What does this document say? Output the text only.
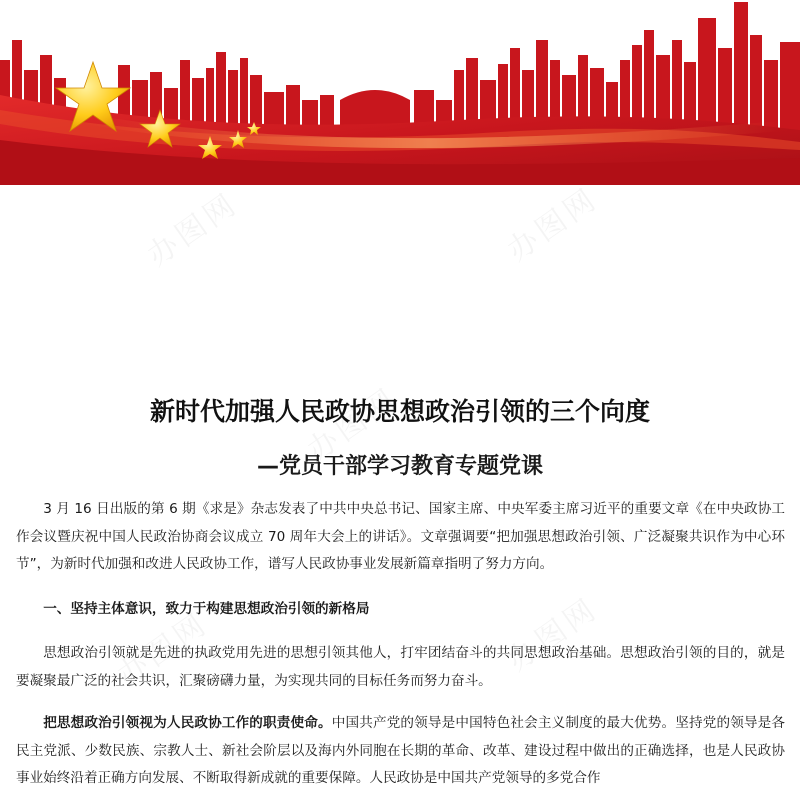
新时代加强人民政协思想政治引领的三个向度
—党员干部学习教育专题党课

3 月 16 日出版的第 6 期《求是》杂志发表了中共中央总书记、国家主席、中央军委主席习近平的重要文章《在中央政协工作会议暨庆祝中国人民政治协商会议成立 70 周年大会上的讲话》。文章强调要“把加强思想政治引领、广泛凝聚共识作为中心环节”，为新时代加强和改进人民政协工作，谱写人民政协事业发展新篇章指明了努力方向。

一、坚持主体意识，致力于构建思想政治引领的新格局

思想政治引领就是先进的执政党用先进的思想引领其他人，打牢团结奋斗的共同思想政治基础。思想政治引领的目的，就是要凝聚最广泛的社会共识，汇聚磅礴力量，为实现共同的目标任务而努力奋斗。

把思想政治引领视为人民政协工作的职责使命。中国共产党的领导是中国特色社会主义制度的最大优势。坚持党的领导是各民主党派、少数民族、宗教人士、新社会阶层以及海内外同胞在长期的革命、改革、建设过程中做出的正确选择，也是人民政协事业始终沿着正确方向发展、不断取得新成就的重要保障。人民政协是中国共产党领导的多党合作
